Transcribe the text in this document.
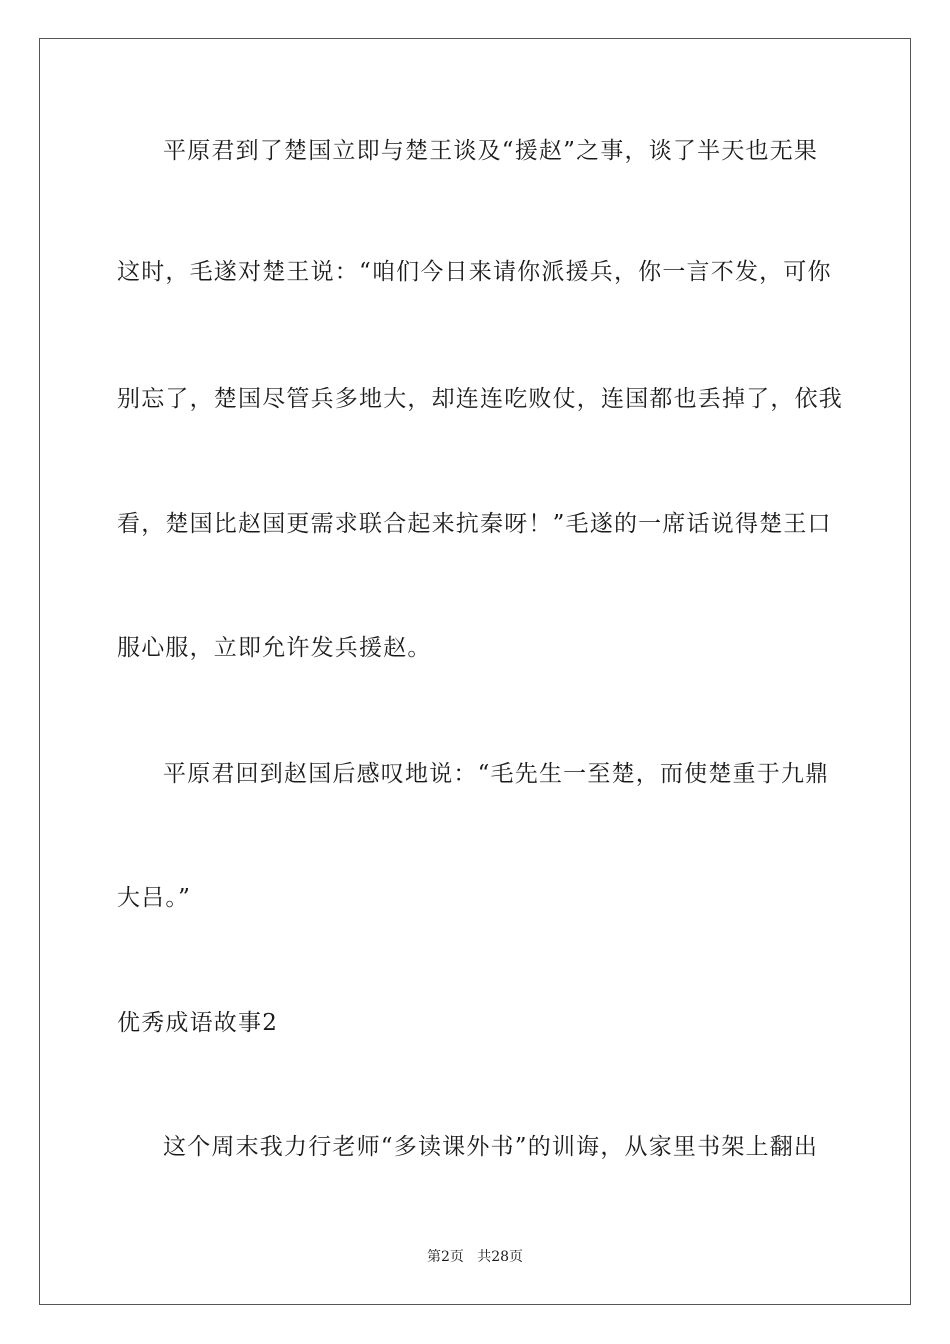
平原君到了楚国立即与楚王谈及“援赵”之事，谈了半天也无果
这时，毛遂对楚王说：“咱们今日来请你派援兵，你一言不发，可你
别忘了，楚国尽管兵多地大，却连连吃败仗，连国都也丢掉了，依我
看，楚国比赵国更需求联合起来抗秦呀！”毛遂的一席话说得楚王口
服心服，立即允许发兵援赵。
平原君回到赵国后感叹地说：“毛先生一至楚，而使楚重于九鼎
大吕。”
优秀成语故事2
这个周末我力行老师“多读课外书”的训诲，从家里书架上翻出
第2页   共28页
